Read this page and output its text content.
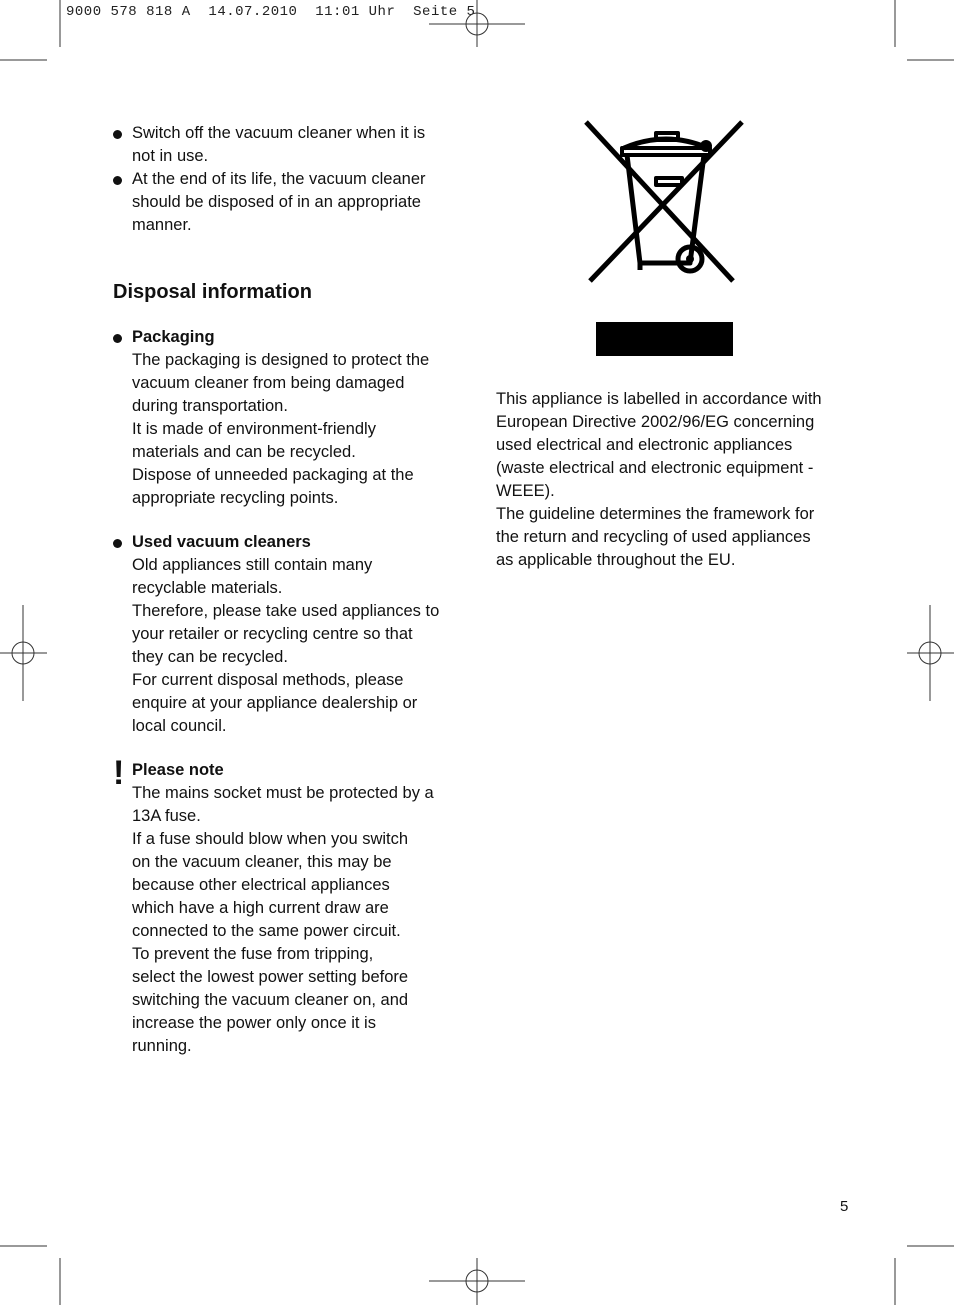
9000 578 818 A  14.07.2010  11:01 Uhr  Seite 5
Switch off the vacuum cleaner when it is
not in use.
At the end of its life, the vacuum cleaner
should be disposed of in an appropriate
manner.
Disposal information
Packaging
The packaging is designed to protect the
vacuum cleaner from being damaged
during transportation.
It is made of environment-friendly
materials and can be recycled.
Dispose of unneeded packaging at the
appropriate recycling points.
Used vacuum cleaners
Old appliances still contain many
recyclable materials.
Therefore, please take used appliances to
your retailer or recycling centre so that
they can be recycled.
For current disposal methods, please
enquire at your appliance dealership or
local council.
! Please note
The mains socket must be protected by a
13A fuse.
If a fuse should blow when you switch
on the vacuum cleaner, this may be
because other electrical appliances
which have a high current draw are
connected to the same power circuit.
To prevent the fuse from tripping,
select the lowest power setting before
switching the vacuum cleaner on, and
increase the power only once it is
running.
This appliance is labelled in accordance with
European Directive 2002/96/EG concerning
used electrical and electronic appliances
(waste electrical and electronic equipment -
WEEE).
The guideline determines the framework for
the return and recycling of used appliances
as applicable throughout the EU.
5
